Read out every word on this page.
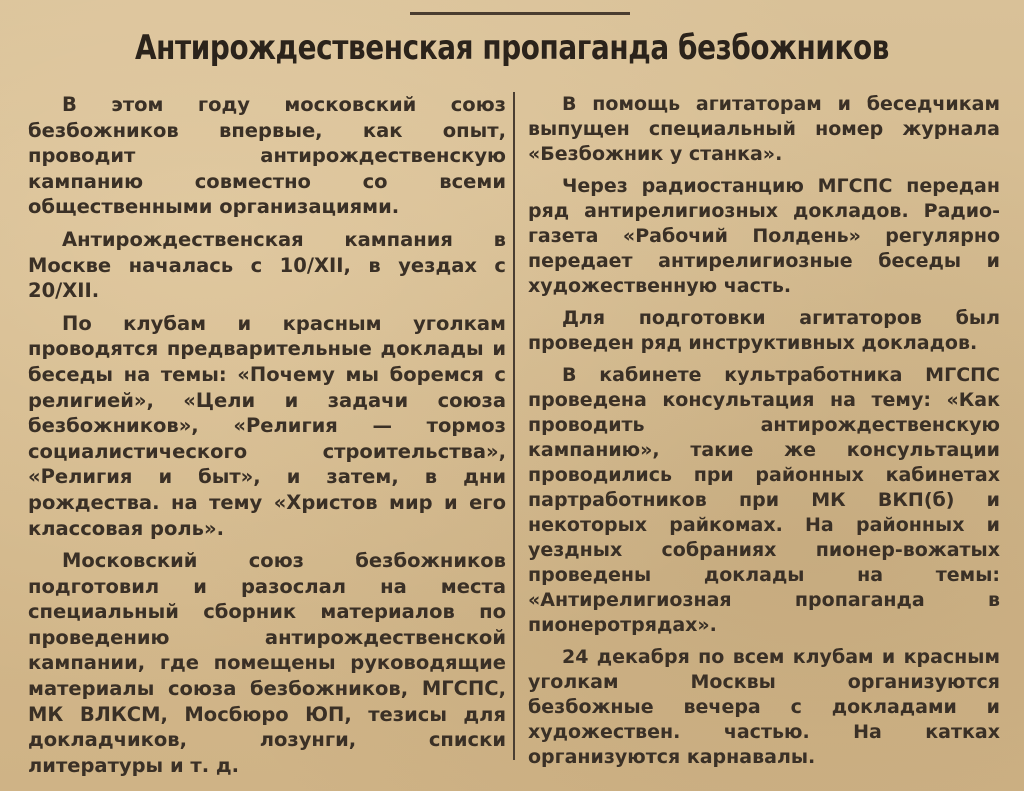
Антирождественская пропаганда безбожников

В этом году московский союз безбожников впервые, как опыт, проводит антирождественскую кампанию совместно со всеми общественными организациями.

Антирождественская кампания в Москве началась с 10/XII, в уездах с 20/XII.

По клубам и красным уголкам проводятся предварительные доклады и беседы на темы: «Почему мы боремся с религией», «Цели и задачи союза безбожников», «Религия — тормоз социалистического строительства», «Религия и быт», и затем, в дни рождества. на тему «Христов мир и его классовая роль».

Московский союз безбожников подготовил и разослал на места специальный сборник материалов по проведению антирождественской кампании, где помещены руководящие материалы союза безбожников, МГСПС, МК ВЛКСМ, Мосбюро ЮП, тезисы для докладчиков, лозунги, списки литературы и т. д.

В помощь агитаторам и беседчикам выпущен специальный номер журнала «Безбожник у станка».

Через радиостанцию МГСПС передан ряд антирелигиозных докладов. Радио-газета «Рабочий Полдень» регулярно передает антирелигиозные беседы и художественную часть.

Для подготовки агитаторов был проведен ряд инструктивных докладов.

В кабинете культработника МГСПС проведена консультация на тему: «Как проводить антирождественскую кампанию», такие же консультации проводились при районных кабинетах партработников при МК ВКП(б) и некоторых райкомах. На районных и уездных собраниях пионер-вожатых проведены доклады на темы: «Антирелигиозная пропаганда в пионеротрядах».

24 декабря по всем клубам и красным уголкам Москвы организуются безбожные вечера с докладами и художествен. частью. На катках организуются карнавалы.
